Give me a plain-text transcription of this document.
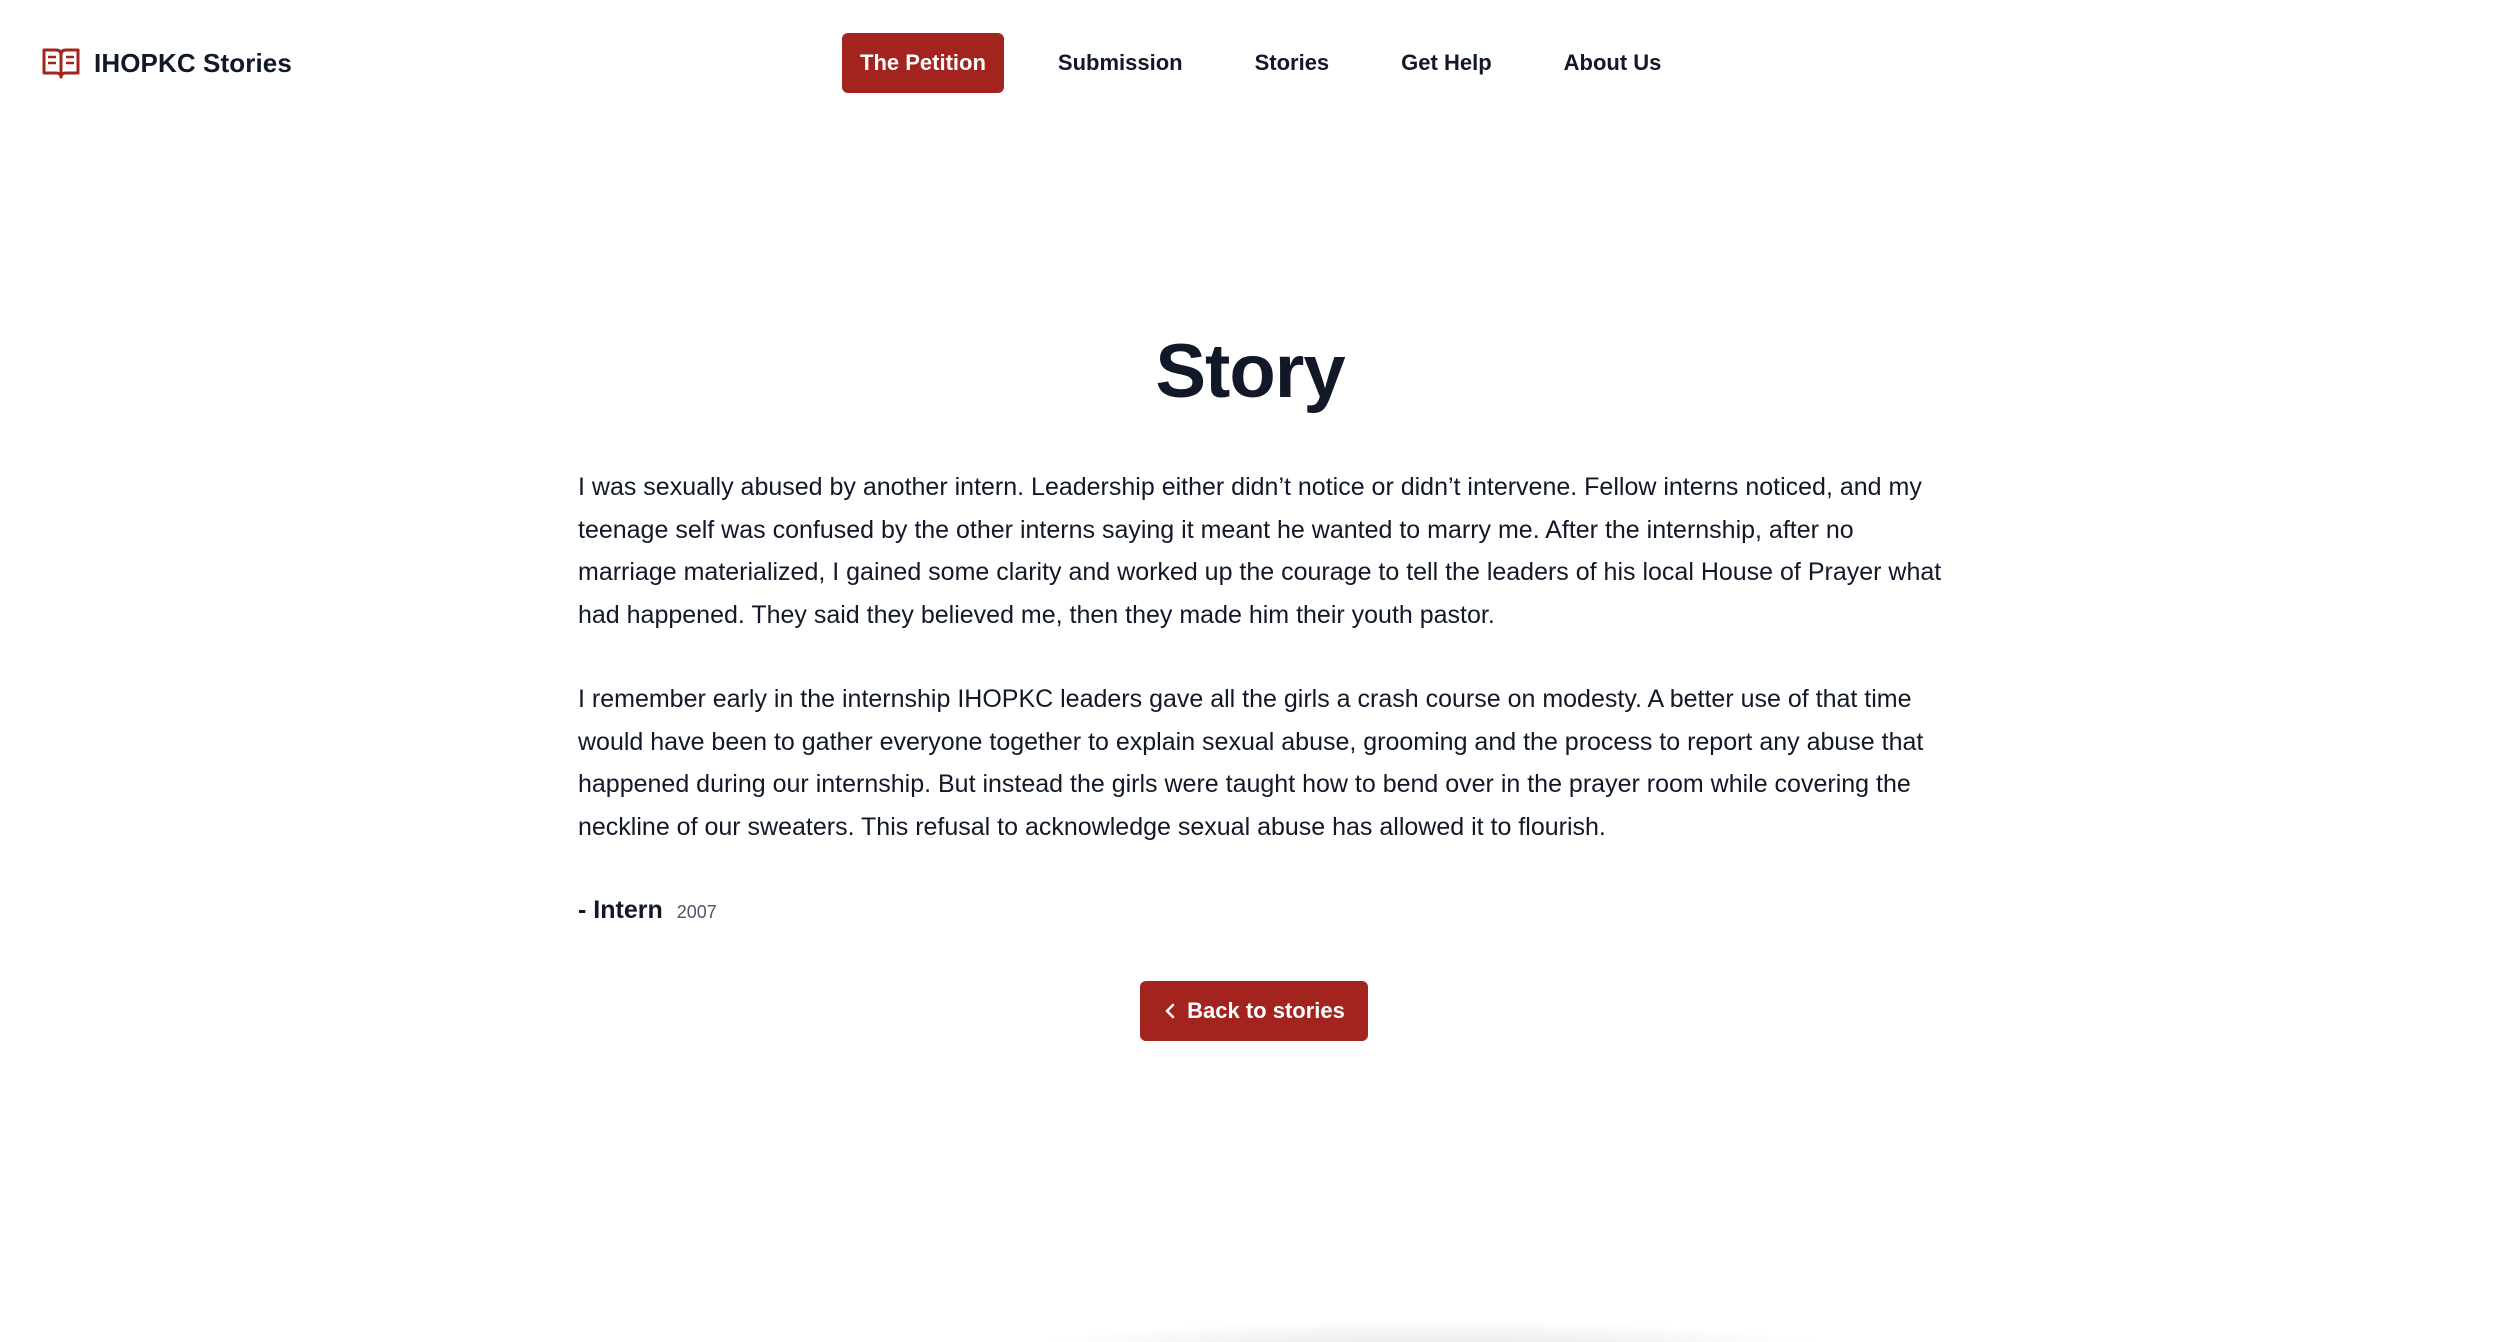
IHOPKC Stories	The Petition	Submission	Stories	Get Help	About Us
Story

I was sexually abused by another intern. Leadership either didn’t notice or didn’t intervene. Fellow interns noticed, and my teenage self was confused by the other interns saying it meant he wanted to marry me. After the internship, after no marriage materialized, I gained some clarity and worked up the courage to tell the leaders of his local House of Prayer what had happened. They said they believed me, then they made him their youth pastor.

I remember early in the internship IHOPKC leaders gave all the girls a crash course on modesty. A better use of that time would have been to gather everyone together to explain sexual abuse, grooming and the process to report any abuse that happened during our internship. But instead the girls were taught how to bend over in the prayer room while covering the neckline of our sweaters. This refusal to acknowledge sexual abuse has allowed it to flourish.

- Intern 2007
Back to stories
